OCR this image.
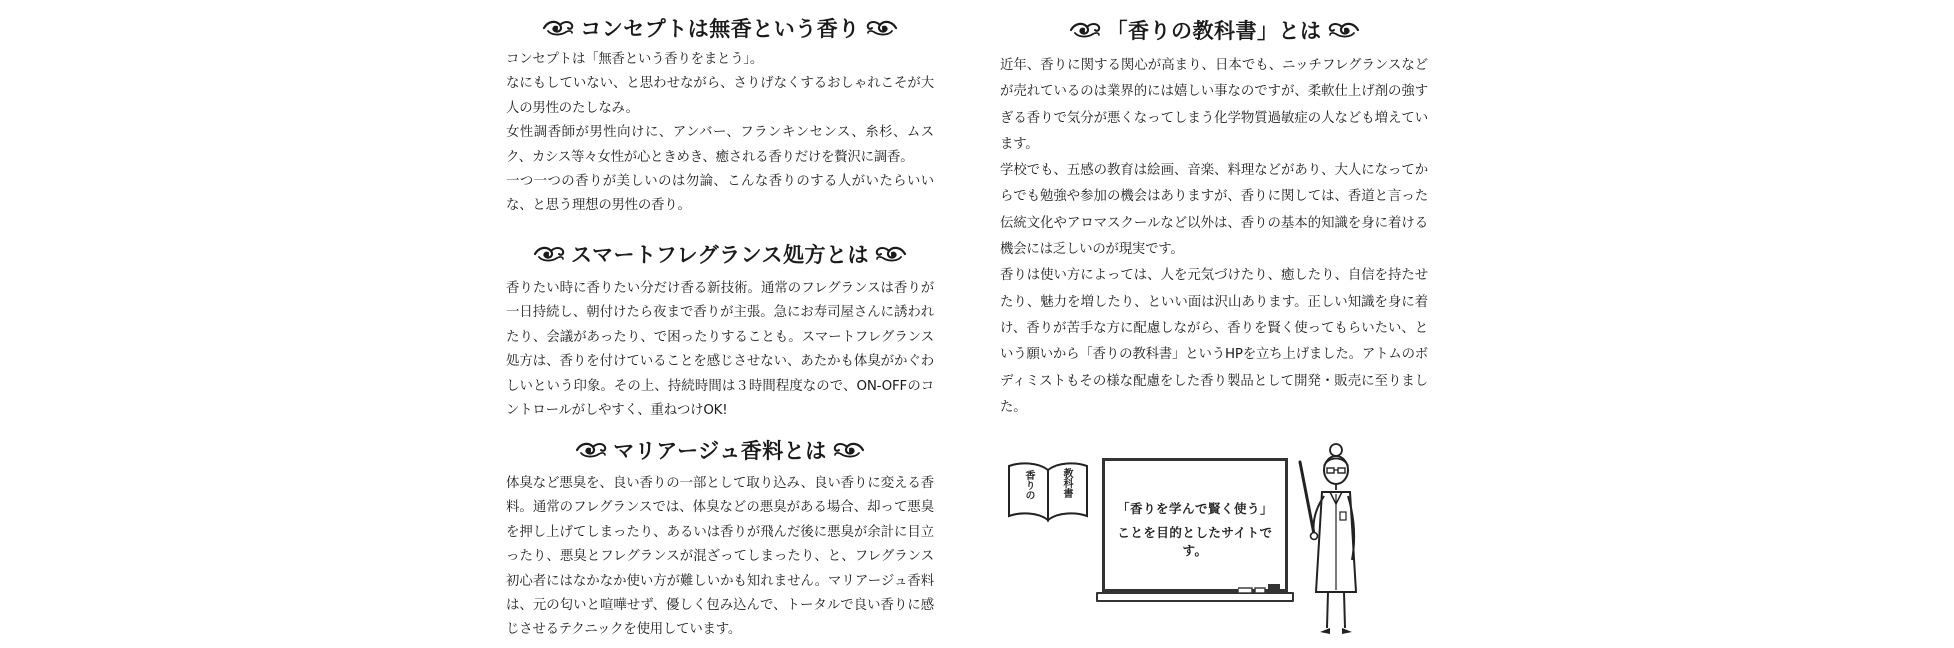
コンセプトは無香という香り

コンセプトは「無香という香りをまとう」。

なにもしていない、と思わせながら、さりげなくするおしゃれこそが大人の男性のたしなみ。

女性調香師が男性向けに、アンバー、フランキンセンス、糸杉、ムスク、カシス等々女性が心ときめき、癒される香りだけを贅沢に調香。

一つ一つの香りが美しいのは勿論、こんな香りのする人がいたらいいな、と思う理想の男性の香り。

スマートフレグランス処方とは

香りたい時に香りたい分だけ香る新技術。通常のフレグランスは香りが一日持続し、朝付けたら夜まで香りが主張。急にお寿司屋さんに誘われたり、会議があったり、で困ったりすることも。スマートフレグランス処方は、香りを付けていることを感じさせない、あたかも体臭がかぐわしいという印象。その上、持続時間は３時間程度なので、ON-OFFのコントロールがしやすく、重ねつけOK!

マリアージュ香料とは

体臭など悪臭を、良い香りの一部として取り込み、良い香りに変える香料。通常のフレグランスでは、体臭などの悪臭がある場合、却って悪臭を押し上げてしまったり、あるいは香りが飛んだ後に悪臭が余計に目立ったり、悪臭とフレグランスが混ざってしまったり、と、フレグランス初心者にはなかなか使い方が難しいかも知れません。マリアージュ香料は、元の匂いと喧嘩せず、優しく包み込んで、トータルで良い香りに感じさせるテクニックを使用しています。

「香りの教科書」とは

近年、香りに関する関心が高まり、日本でも、ニッチフレグランスなどが売れているのは業界的には嬉しい事なのですが、柔軟仕上げ剤の強すぎる香りで気分が悪くなってしまう化学物質過敏症の人なども増えています。

学校でも、五感の教育は絵画、音楽、料理などがあり、大人になってからでも勉強や参加の機会はありますが、香りに関しては、香道と言った伝統文化やアロマスクールなど以外は、香りの基本的知識を身に着ける機会には乏しいのが現実です。

香りは使い方によっては、人を元気づけたり、癒したり、自信を持たせたり、魅力を増したり、といい面は沢山あります。正しい知識を身に着け、香りが苦手な方に配慮しながら、香りを賢く使ってもらいたい、という願いから「香りの教科書」というHPを立ち上げました。アトムのボディミストもその様な配慮をした香り製品として開発・販売に至りました。

教科書
香りの
「香りを学んで賢く使う」
ことを目的としたサイトです。
